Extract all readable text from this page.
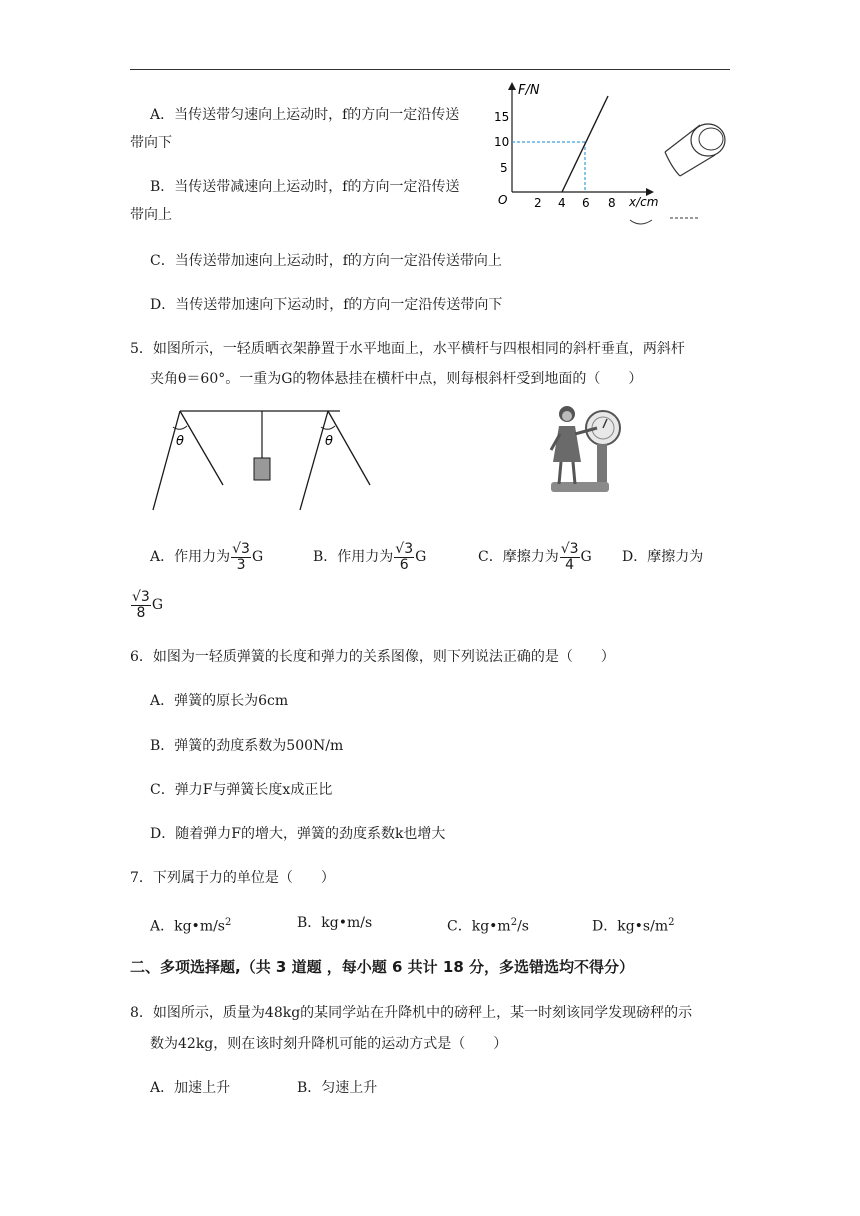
A．当传送带匀速向上运动时，f的方向一定沿传送
带向下
B．当传送带减速向上运动时，f的方向一定沿传送
带向上
C．当传送带加速向上运动时，f的方向一定沿传送带向上
D．当传送带加速向下运动时，f的方向一定沿传送带向下
F/N
15
10
5
O 2 4 6 8 x/cm
5．如图所示，一轻质晒衣架静置于水平地面上，水平横杆与四根相同的斜杆垂直，两斜杆
夹角θ＝60°。一重为G的物体悬挂在横杆中点，则每根斜杆受到地面的（　　）
θ	θ
A．作用力为 $\frac{√3}{3}$ G	B．作用力为 $\frac{√3}{6}$ G	C．摩擦力为 $\frac{√3}{4}$ G D．摩擦力为
$\frac{√3}{8}$ G
6．如图为一轻质弹簧的长度和弹力的关系图像，则下列说法正确的是（　　）
A．弹簧的原长为6cm
B．弹簧的劲度系数为500N/m
C．弹力F与弹簧长度x成正比
D．随着弹力F的增大，弹簧的劲度系数k也增大
7．下列属于力的单位是（　　）
A．$kg•m/s^2$	B．kg•m/s	C．$kg•m^2/s$	D．$kg•s/m^2$
二、多项选择题,（共 3 道题 ，每小题 6 共计 18 分，多选错选均不得分）
8．如图所示，质量为48kg的某同学站在升降机中的磅秤上，某一时刻该同学发现磅秤的示
数为42kg，则在该时刻升降机可能的运动方式是（　　）
A．加速上升	B．匀速上升
